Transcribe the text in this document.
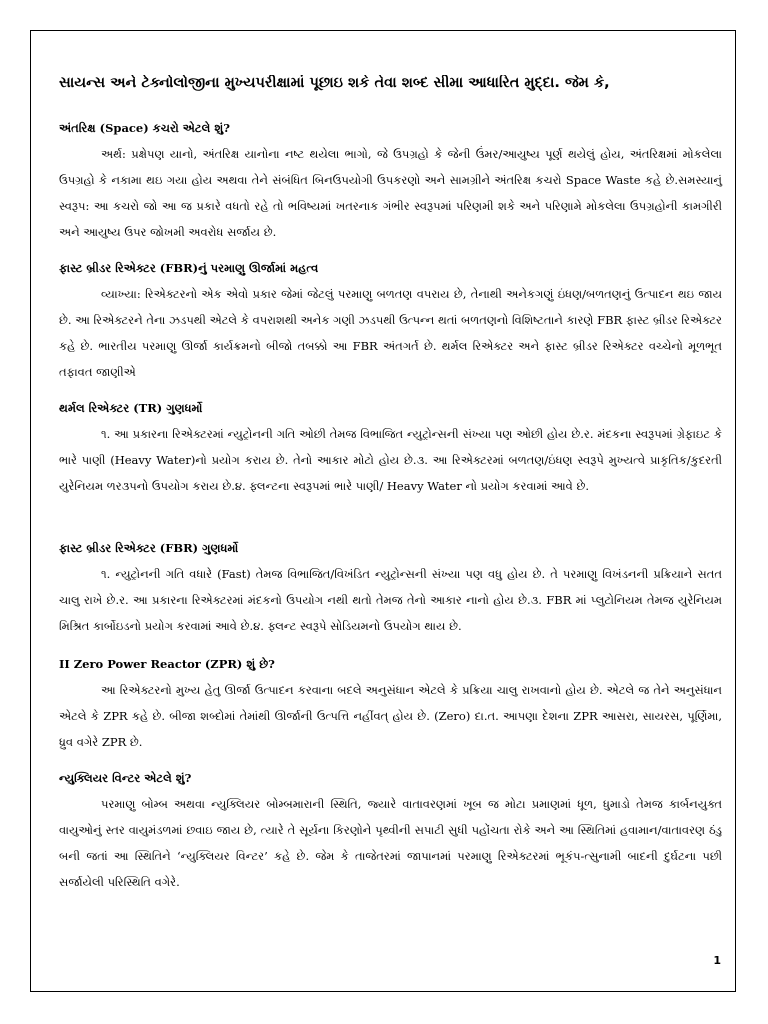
સાયન્સ અને ટેક્નોલોજીના મુખ્યપરીક્ષામાં પૂછાઇ શકે તેવા શબ્દ સીમા આધારિત મુદ્દા. જેમ કે,
અંતરિક્ષ (Space) કચરો એટલે શું?

અર્થ: પ્રક્ષેપણ યાનો, અંતરિક્ષ યાનોના નષ્ટ થયેલા ભાગો, જે ઉપગ્રહો કે જેની ઉંમર/આયુષ્ય પૂર્ણ થયેલું હોય, અંતરિક્ષમાં મોકલેલા ઉપગ્રહો કે નકામા થઇ ગયા હોય અથવા તેને સંબંધિત બિનઉપયોગી ઉપકરણો અને સામગ્રીને અંતરિક્ષ કચરો Space Waste કહે છે.સમસ્યાનું સ્વરૂપ: આ કચરો જો આ જ પ્રકારે વધતો રહે તો ભવિષ્યમાં ખતરનાક ગંભીર સ્વરૂપમાં પરિણમી શકે અને પરિણામે મોકલેલા ઉપગ્રહોની કામગીરી અને આયુષ્ય ઉપર જોખમી અવરોધ સર્જાય છે.

ફાસ્ટ બ્રીડર રિએક્ટર (FBR)નું પરમાણુ ઊર્જામાં મહત્વ

વ્યાખ્યા: રિએક્ટરનો એક એવો પ્રકાર જેમાં જેટલું પરમાણુ બળતણ વપરાય છે, તેનાથી અનેકગણું ઇંધણ/બળતણનું ઉત્પાદન થઇ જાય છે. આ રિએક્ટરને તેના ઝડપથી એટલે કે વપરાશથી અનેક ગણી ઝડપથી ઉત્પન્ન થતાં બળતણનો વિશિષ્ટતાને કારણે FBR ફાસ્ટ બ્રીડર રિએક્ટર કહે છે. ભારતીય પરમાણુ ઊર્જા કાર્યક્રમનો બીજો તબક્કો આ FBR અંતગર્ત છે. થર્મલ રિએક્ટર અને ફાસ્ટ બ્રીડર રિએક્ટર વચ્ચેનો મૂળભૂત તફાવત જાણીએ

થર્મલ રિએક્ટર (TR) ગુણધર્મો

૧. આ પ્રકારના રિએક્ટરમાં ન્યુટ્રોનની ગતિ ઓછી તેમજ વિભાજિત ન્યુટ્રોન્સની સંખ્યા પણ ઓછી હોય છે.ર. મંદકના સ્વરૂપમાં ગ્રેફાઇટ કે ભારે પાણી (Heavy Water)નો પ્રયોગ કરાય છે. તેનો આકાર મોટો હોય છે.૩. આ રિએક્ટરમાં બળતણ/ઇંધણ સ્વરૂપે મુખ્યત્વે પ્રાકૃતિક/કુદરતી યુરેનિયમ ળર૩પનો ઉપયોગ કરાય છે.૪. ફ્લન્ટના સ્વરૂપમાં ભારે પાણી/ Heavy Water નો પ્રયોગ કરવામાં આવે છે.

ફાસ્ટ બ્રીડર રિએક્ટર (FBR) ગુણધર્મો

૧. ન્યુટ્રોનની ગતિ વધારે (Fast) તેમજ વિભાજિત/વિખંડિત ન્યુટ્રોન્સની સંખ્યા પણ વધુ હોય છે. તે પરમાણુ વિખંડનની પ્રક્રિયાને સતત ચાલુ રાખે છે.ર. આ પ્રકારના રિએક્ટરમાં મંદકનો ઉપયોગ નથી થતો તેમજ તેનો આકાર નાનો હોય છે.૩. FBR માં પ્લુટોનિયમ તેમજ યુરેનિયમ મિશ્રિત કાર્બોઇડનો પ્રયોગ કરવામાં આવે છે.૪. ફ્લન્ટ સ્વરૂપે સોડિયમનો ઉપયોગ થાય છે.

II Zero Power Reactor (ZPR) શું છે?

આ રિએક્ટરનો મુખ્ય હેતુ ઊર્જા ઉત્પાદન કરવાના બદલે અનુસંધાન એટલે કે પ્રક્રિયા ચાલુ રાખવાનો હોય છે. એટલે જ તેને અનુસંધાન એટલે કે ZPR કહે છે. બીજા શબ્દોમાં તેમાંથી ઊર્જાની ઉત્પત્તિ નહીંવત્ હોય છે. (Zero) દા.ત. આપણા દેશના ZPR આસરા, સાયરસ, પૂર્ણિમા, ધ્રુવ વગેરે ZPR છે.

ન્યુક્લિયર વિન્ટર એટલે શું?

પરમાણુ બોમ્બ અથવા ન્યુક્લિયર બોમ્બમારાની સ્થિતિ, જ્યારે વાતાવરણમાં ખૂબ જ મોટા પ્રમાણમાં ધૂળ, ધુમાડો તેમજ કાર્બનયુક્ત વાયુઓનું સ્તર વાયુમંડળમાં છવાઇ જાય છે, ત્યારે તે સૂર્યના કિરણોને પૃથ્વીની સપાટી સુધી પહોંચતા રોકે અને આ સ્થિતિમાં હવામાન/વાતાવરણ ઠંડુ બની જતાં આ સ્થિતિને ‘ન્યુક્લિયર વિન્ટર’ કહે છે. જેમ કે તાજેતરમાં જાપાનમાં પરમાણુ રિએક્ટરમાં ભૂકંપ-ત્સુનામી બાદની દુર્ઘટના પછી સર્જાયેલી પરિસ્થિતિ વગેરે.

1
